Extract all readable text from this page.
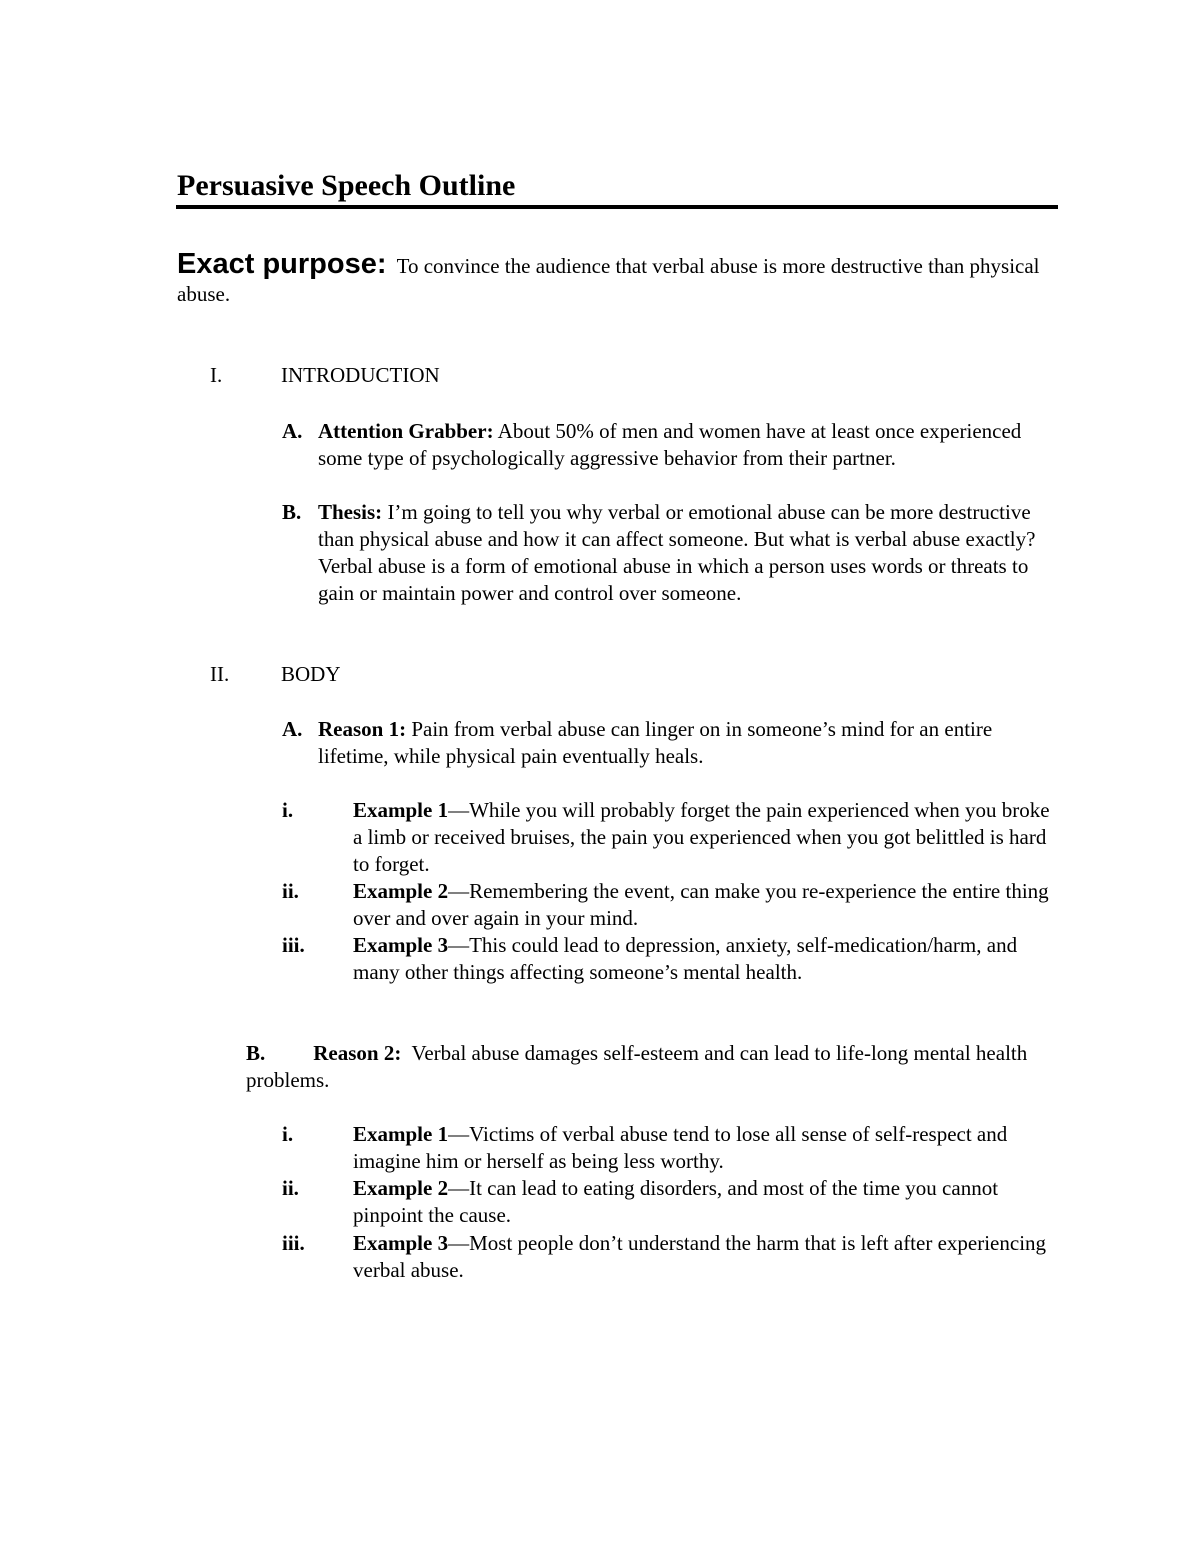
Persuasive Speech Outline

Exact purpose: To convince the audience that verbal abuse is more destructive than physical abuse.

I.	INTRODUCTION
A. Attention Grabber: About 50% of men and women have at least once experienced some type of psychologically aggressive behavior from their partner.
B. Thesis: I’m going to tell you why verbal or emotional abuse can be more destructive than physical abuse and how it can affect someone. But what is verbal abuse exactly? Verbal abuse is a form of emotional abuse in which a person uses words or threats to gain or maintain power and control over someone.
II.	BODY
A. Reason 1: Pain from verbal abuse can linger on in someone’s mind for an entire lifetime, while physical pain eventually heals.
i.	Example 1—While you will probably forget the pain experienced when you broke a limb or received bruises, the pain you experienced when you got belittled is hard to forget.
ii.	Example 2—Remembering the event, can make you re-experience the entire thing over and over again in your mind.
iii. Example 3—This could lead to depression, anxiety, self-medication/harm, and many other things affecting someone’s mental health.
B. Reason 2: Verbal abuse damages self-esteem and can lead to life-long mental health problems.
i.	Example 1—Victims of verbal abuse tend to lose all sense of self-respect and imagine him or herself as being less worthy.
ii.	Example 2—It can lead to eating disorders, and most of the time you cannot pinpoint the cause.
iii. Example 3—Most people don’t understand the harm that is left after experiencing verbal abuse.
